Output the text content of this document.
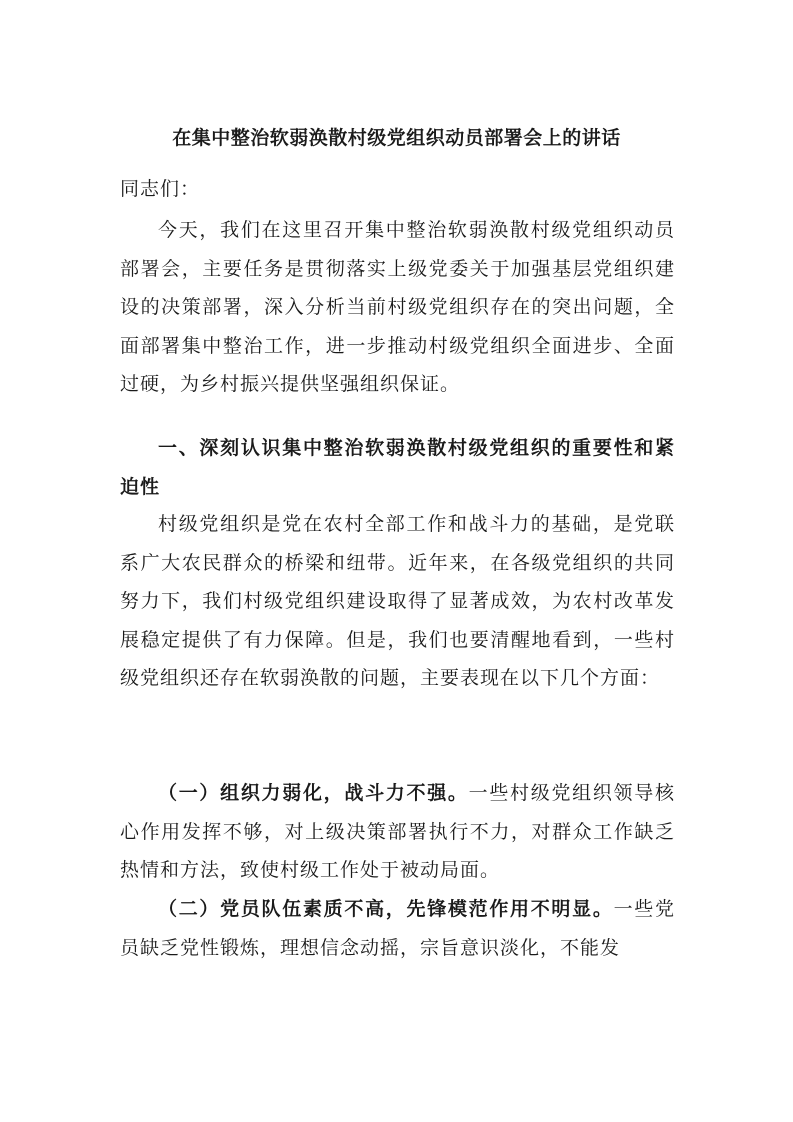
在集中整治软弱涣散村级党组织动员部署会上的讲话
同志们：

今天，我们在这里召开集中整治软弱涣散村级党组织动员部署会，主要任务是贯彻落实上级党委关于加强基层党组织建设的决策部署，深入分析当前村级党组织存在的突出问题，全面部署集中整治工作，进一步推动村级党组织全面进步、全面过硬，为乡村振兴提供坚强组织保证。

一、深刻认识集中整治软弱涣散村级党组织的重要性和紧迫性

村级党组织是党在农村全部工作和战斗力的基础，是党联系广大农民群众的桥梁和纽带。近年来，在各级党组织的共同努力下，我们村级党组织建设取得了显著成效，为农村改革发展稳定提供了有力保障。但是，我们也要清醒地看到，一些村级党组织还存在软弱涣散的问题，主要表现在以下几个方面：

（一）组织力弱化，战斗力不强。一些村级党组织领导核心作用发挥不够，对上级决策部署执行不力，对群众工作缺乏热情和方法，致使村级工作处于被动局面。

（二）党员队伍素质不高，先锋模范作用不明显。一些党员缺乏党性锻炼，理想信念动摇，宗旨意识淡化，不能发
